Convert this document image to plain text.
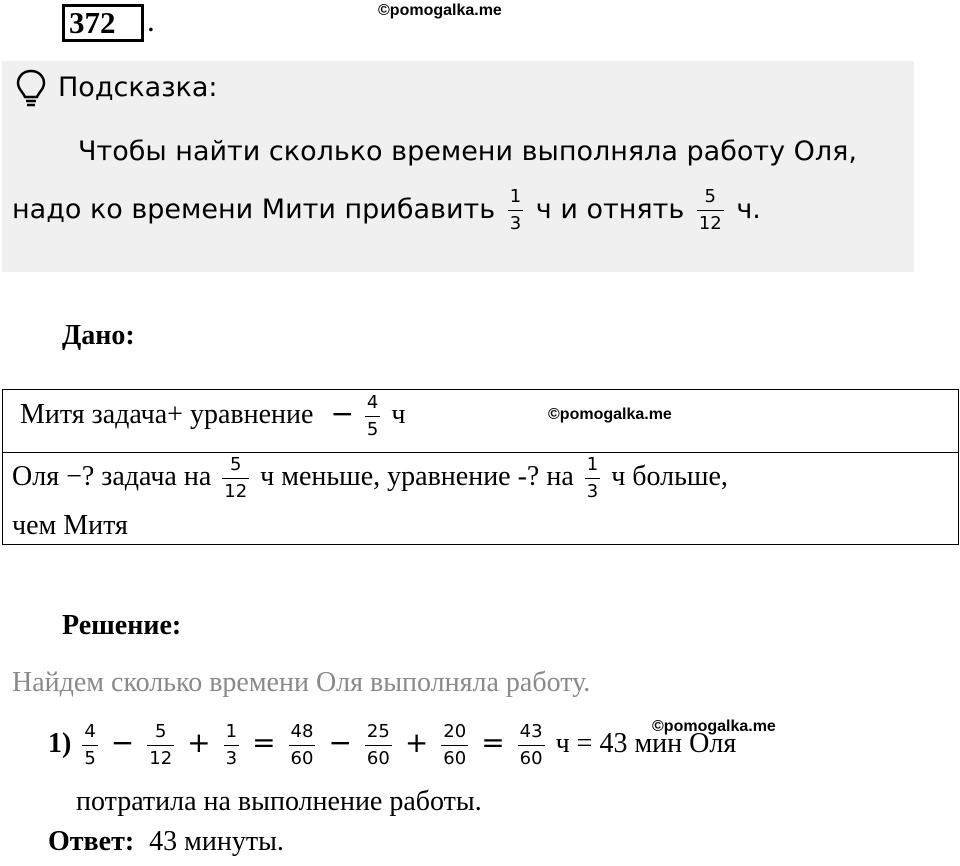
372	.	©pomogalka.me
Подсказка:
Чтобы найти сколько времени выполняла работу Оля,
надо ко времени Мити прибавить $\frac{1}{3}$ ч и отнять $\frac{5}{12} ч$.
Дано:
Митя задача+ уравнение − $\frac{4}{5}$ ч	©pomogalka.me
Оля −? задача на $\frac{5}{12}$ ч меньше, уравнение -? на $\frac{1}{3}$ ч больше,
чем Митя
Решение:
Найдем сколько времени Оля выполняла работу.
©pomogalka.me
$1) \frac{4}{5} - \frac{5}{12} + \frac{1}{3} = \frac{48}{60} - \frac{25}{60} + \frac{20}{60} = \frac{43}{60}$ ч = 43 мин Оля
потратила на выполнение работы.
Ответ: 43 минуты.
